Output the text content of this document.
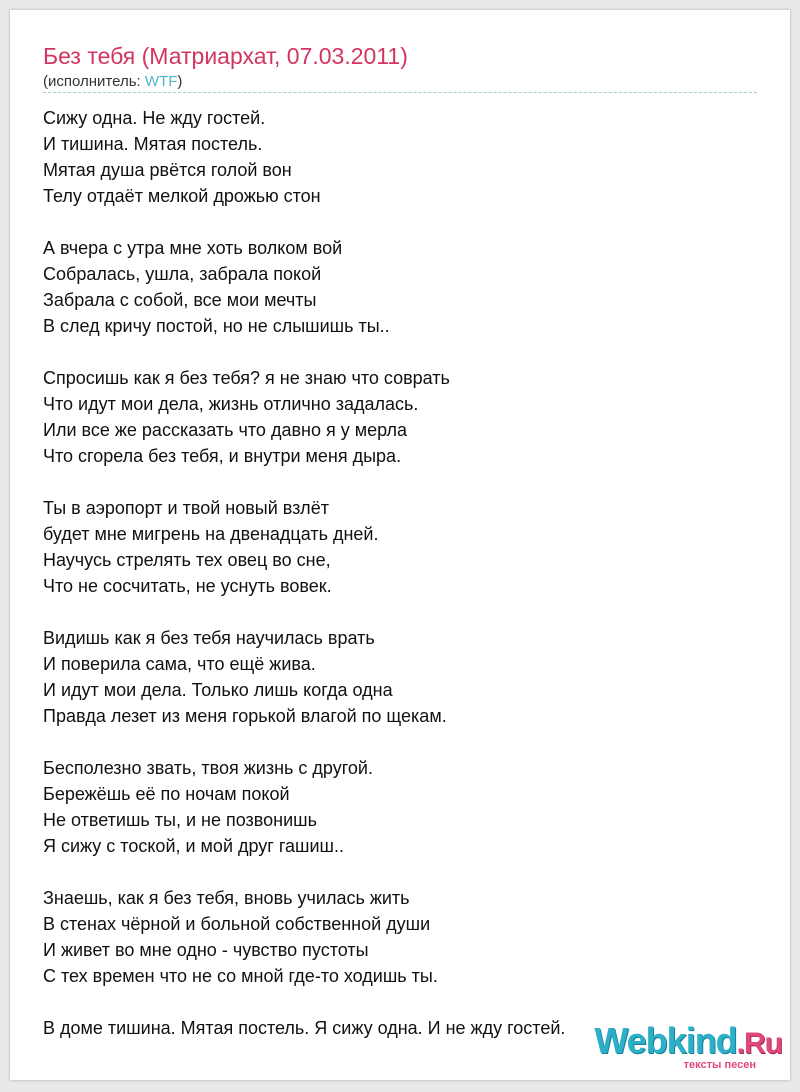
Без тебя (Матриархат, 07.03.2011)
(исполнитель: WTF)
Сижу одна. Не жду гостей.
И тишина. Мятая постель.
Мятая душа рвётся голой вон
Телу отдаёт мелкой дрожью стон
А вчера с утра мне хоть волком вой
Собралась, ушла, забрала покой
Забрала с собой, все мои мечты
В след кричу постой, но не слышишь ты..
Спросишь как я без тебя? я не знаю что соврать
Что идут мои дела, жизнь отлично задалась.
Или все же рассказать что давно я у мерла
Что сгорела без тебя, и внутри меня дыра.
Ты в аэропорт и твой новый взлёт
будет мне мигрень на двенадцать дней.
Научусь стрелять тех овец во сне,
Что не сосчитать, не уснуть вовек.
Видишь как я без тебя научилась врать
И поверила сама, что ещё жива.
И идут мои дела. Только лишь когда одна
Правда лезет из меня горькой влагой по щекам.
Бесполезно звать, твоя жизнь с другой.
Бережёшь её по ночам покой
Не ответишь ты, и не позвонишь
Я сижу с тоской, и мой друг гашиш..
Знаешь, как я без тебя, вновь училась жить
В стенах чёрной и больной собственной души
И живет во мне одно - чувство пустоты
С тех времен что не со мной где-то ходишь ты.
В доме тишина. Мятая постель. Я сижу одна. И не жду гостей. Webkind.Ru
тексты песен
